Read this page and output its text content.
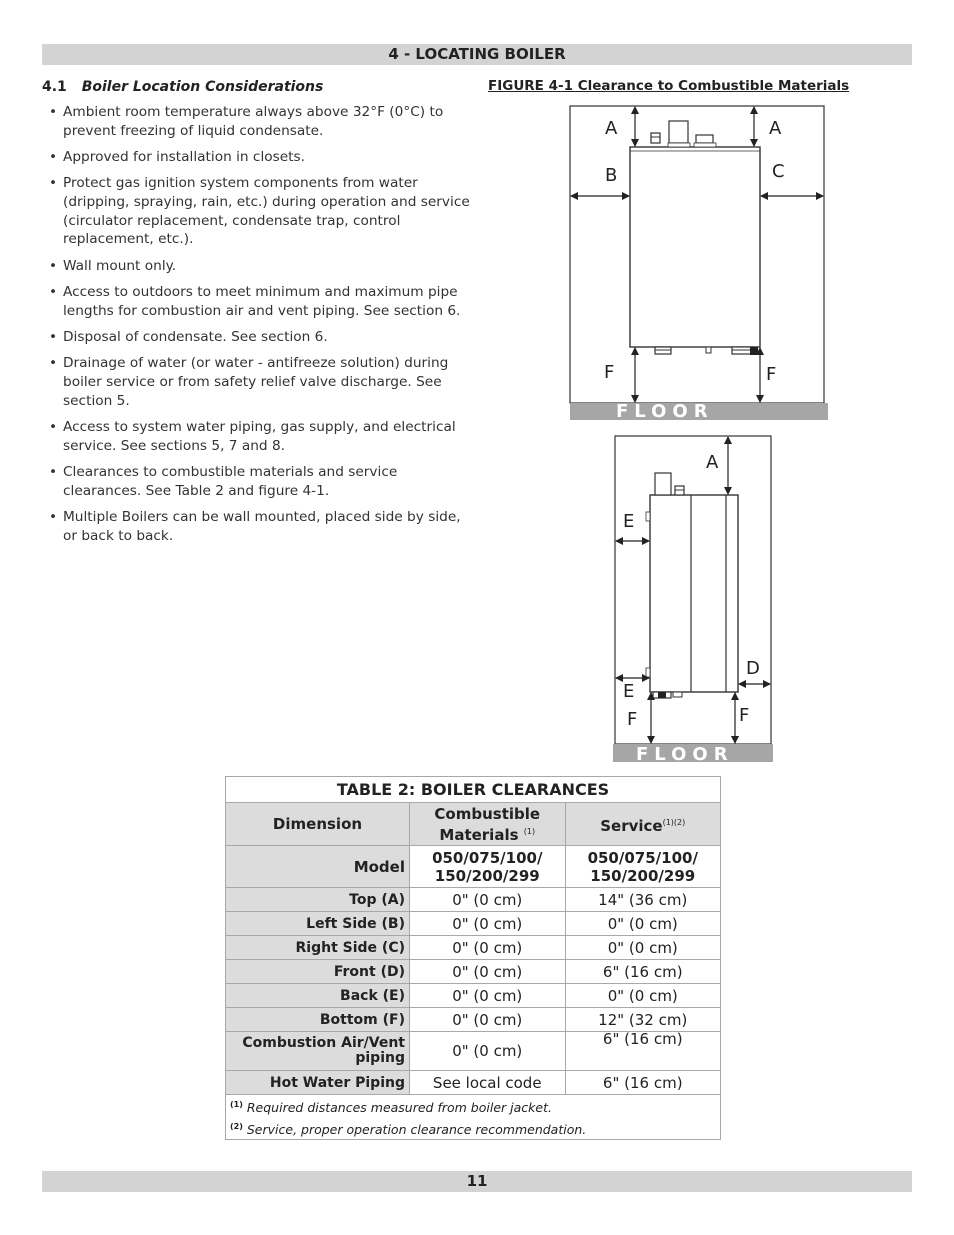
4 - LOCATING BOILER
4.1 Boiler Location Considerations
• Ambient room temperature always above 32°F (0°C) to prevent freezing of liquid condensate.
• Approved for installation in closets.
• Protect gas ignition system components from water (dripping, spraying, rain, etc.) during operation and service (circulator replacement, condensate trap, control replacement, etc.).
• Wall mount only.
• Access to outdoors to meet minimum and maximum pipe lengths for combustion air and vent piping. See section 6.
• Disposal of condensate. See section 6.
• Drainage of water (or water - antifreeze solution) during boiler service or from safety relief valve discharge. See section 5.
• Access to system water piping, gas supply, and electrical service. See sections 5, 7 and 8.
• Clearances to combustible materials and service clearances. See Table 2 and figure 4-1.
• Multiple Boilers can be wall mounted, placed side by side, or back to back.
FIGURE 4-1 Clearance to Combustible Materials
FLOOR
A	A
B	C
F	F
FLOOR
A
E
E
D
F	F
TABLE 2: BOILER CLEARANCES		
Dimension	Combustible Materials $^{(1)}$	Service$^{(1)(2)}$
Model	050/075/100/ 150/200/299	050/075/100/ 150/200/299
Top (A)	0" (0 cm)	14" (36 cm)
Left Side (B)	0" (0 cm)	0" (0 cm)
Right Side (C)	0" (0 cm)	0" (0 cm)
Front (D)	0" (0 cm)	6" (16 cm)
Back (E)	0" (0 cm)	0" (0 cm)
Bottom (F)	0" (0 cm)	12" (32 cm)
Combustion Air/Vent piping	0" (0 cm)	6" (16 cm)
Hot Water Piping	See local code	6" (16 cm)

$^{(1)}$ Required distances measured from boiler jacket.
$^{(2)}$ Service, proper operation clearance recommendation.		
11
